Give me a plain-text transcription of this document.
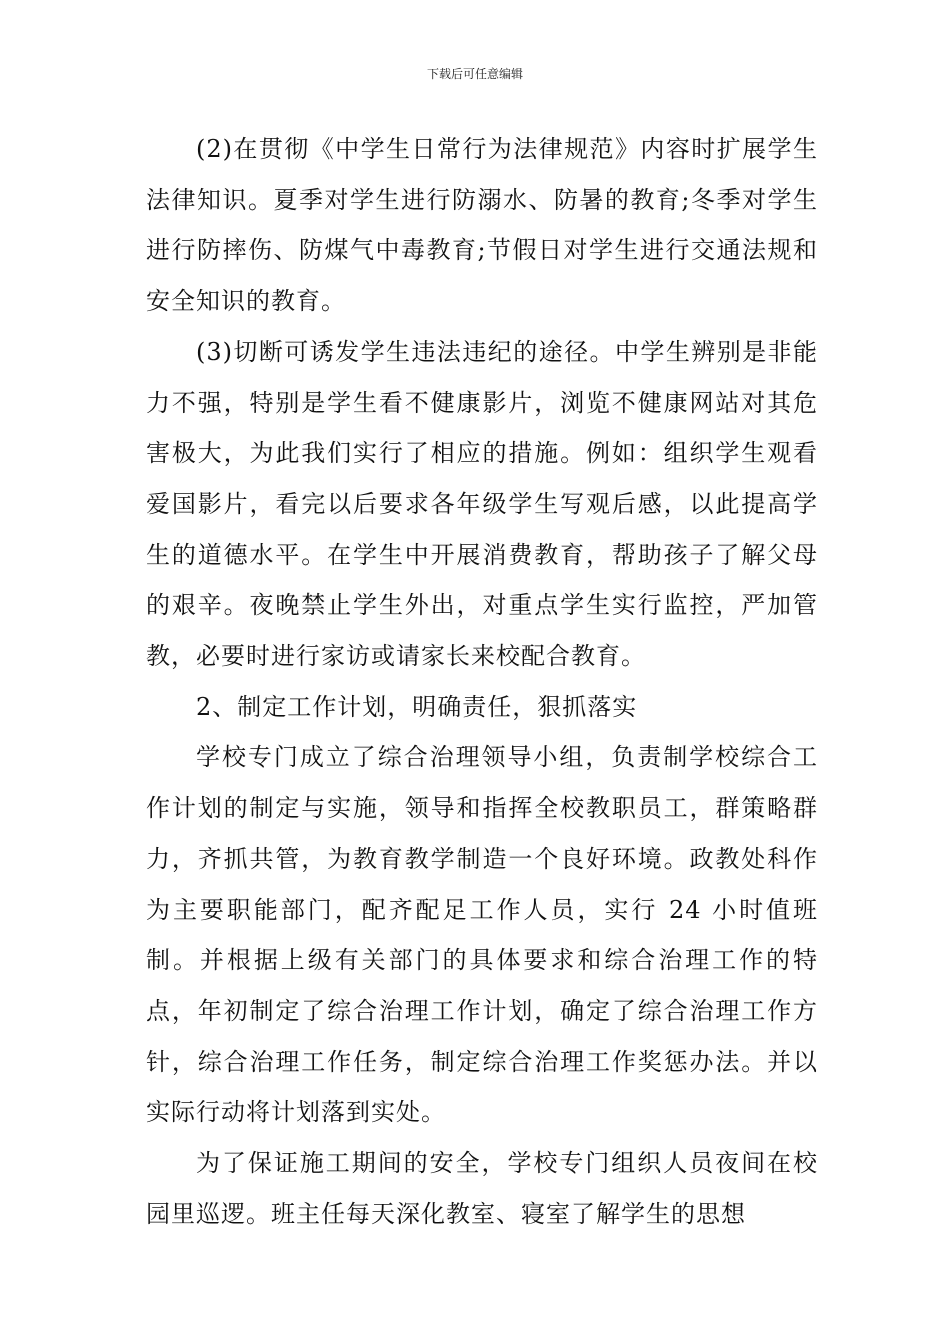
下载后可任意编辑

(2)在贯彻《中学生日常行为法律规范》内容时扩展学生法律知识。夏季对学生进行防溺水、防暑的教育;冬季对学生进行防摔伤、防煤气中毒教育;节假日对学生进行交通法规和安全知识的教育。

(3)切断可诱发学生违法违纪的途径。中学生辨别是非能力不强，特别是学生看不健康影片，浏览不健康网站对其危害极大，为此我们实行了相应的措施。例如：组织学生观看爱国影片，看完以后要求各年级学生写观后感，以此提高学生的道德水平。在学生中开展消费教育，帮助孩子了解父母的艰辛。夜晚禁止学生外出，对重点学生实行监控，严加管教，必要时进行家访或请家长来校配合教育。

2、制定工作计划，明确责任，狠抓落实

学校专门成立了综合治理领导小组，负责制学校综合工作计划的制定与实施，领导和指挥全校教职员工，群策略群力，齐抓共管，为教育教学制造一个良好环境。政教处科作为主要职能部门，配齐配足工作人员，实行 24 小时值班制。并根据上级有关部门的具体要求和综合治理工作的特点，年初制定了综合治理工作计划，确定了综合治理工作方针，综合治理工作任务，制定综合治理工作奖惩办法。并以实际行动将计划落到实处。

为了保证施工期间的安全，学校专门组织人员夜间在校园里巡逻。班主任每天深化教室、寝室了解学生的思想
